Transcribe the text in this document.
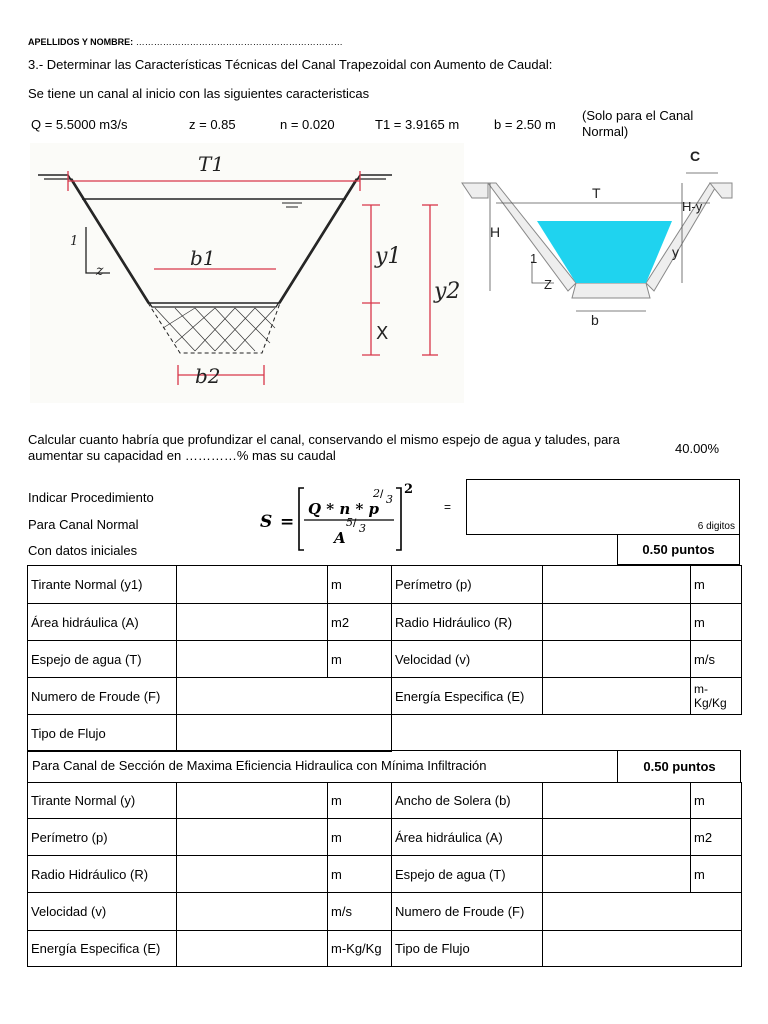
APELLIDOS Y NOMBRE: ……………………………………………………………
3.- Determinar las Características Técnicas del Canal Trapezoidal con Aumento de Caudal:
Se tiene un canal al inicio con las siguientes caracteristicas
Q = 5.5000 m3/s	z = 0.85	n = 0.020	T1 = 3.9165 m	b = 2.50 m
(Solo para el Canal
Normal)
T1
b1
b2
y1
y2
X
1
z
T
C
H-y
H
y
1
Z
b
Calcular cuanto habría que profundizar el canal, conservando el mismo espejo de agua y taludes, para
aumentar su capacidad en …………% mas su caudal	40.00%
Indicar Procedimiento
Para Canal Normal
Con datos iniciales
S =
Q * n * p
2 / 3
A
5 / 3
2
=
6 digitos
0.50 puntos
Tirante Normal (y1)		m	Perímetro (p)		m
Área hidráulica (A)		m2	Radio Hidráulico (R)		m
Espejo de agua (T)		m	Velocidad (v)		m/s
Numero de Froude (F)			Energía Especifica (E)		m-Kg/Kg
Tipo de Flujo		
Para Canal de Sección de Maxima Eficiencia Hidraulica con Mínima Infiltración	0.50 puntos
Tirante Normal (y)		m	Ancho de Solera (b)		m
Perímetro (p)		m	Área hidráulica (A)		m2
Radio Hidráulico (R)		m	Espejo de agua (T)		m
Velocidad (v)		m/s	Numero de Froude (F)	
Energía Especifica (E)		m-Kg/Kg	Tipo de Flujo	
